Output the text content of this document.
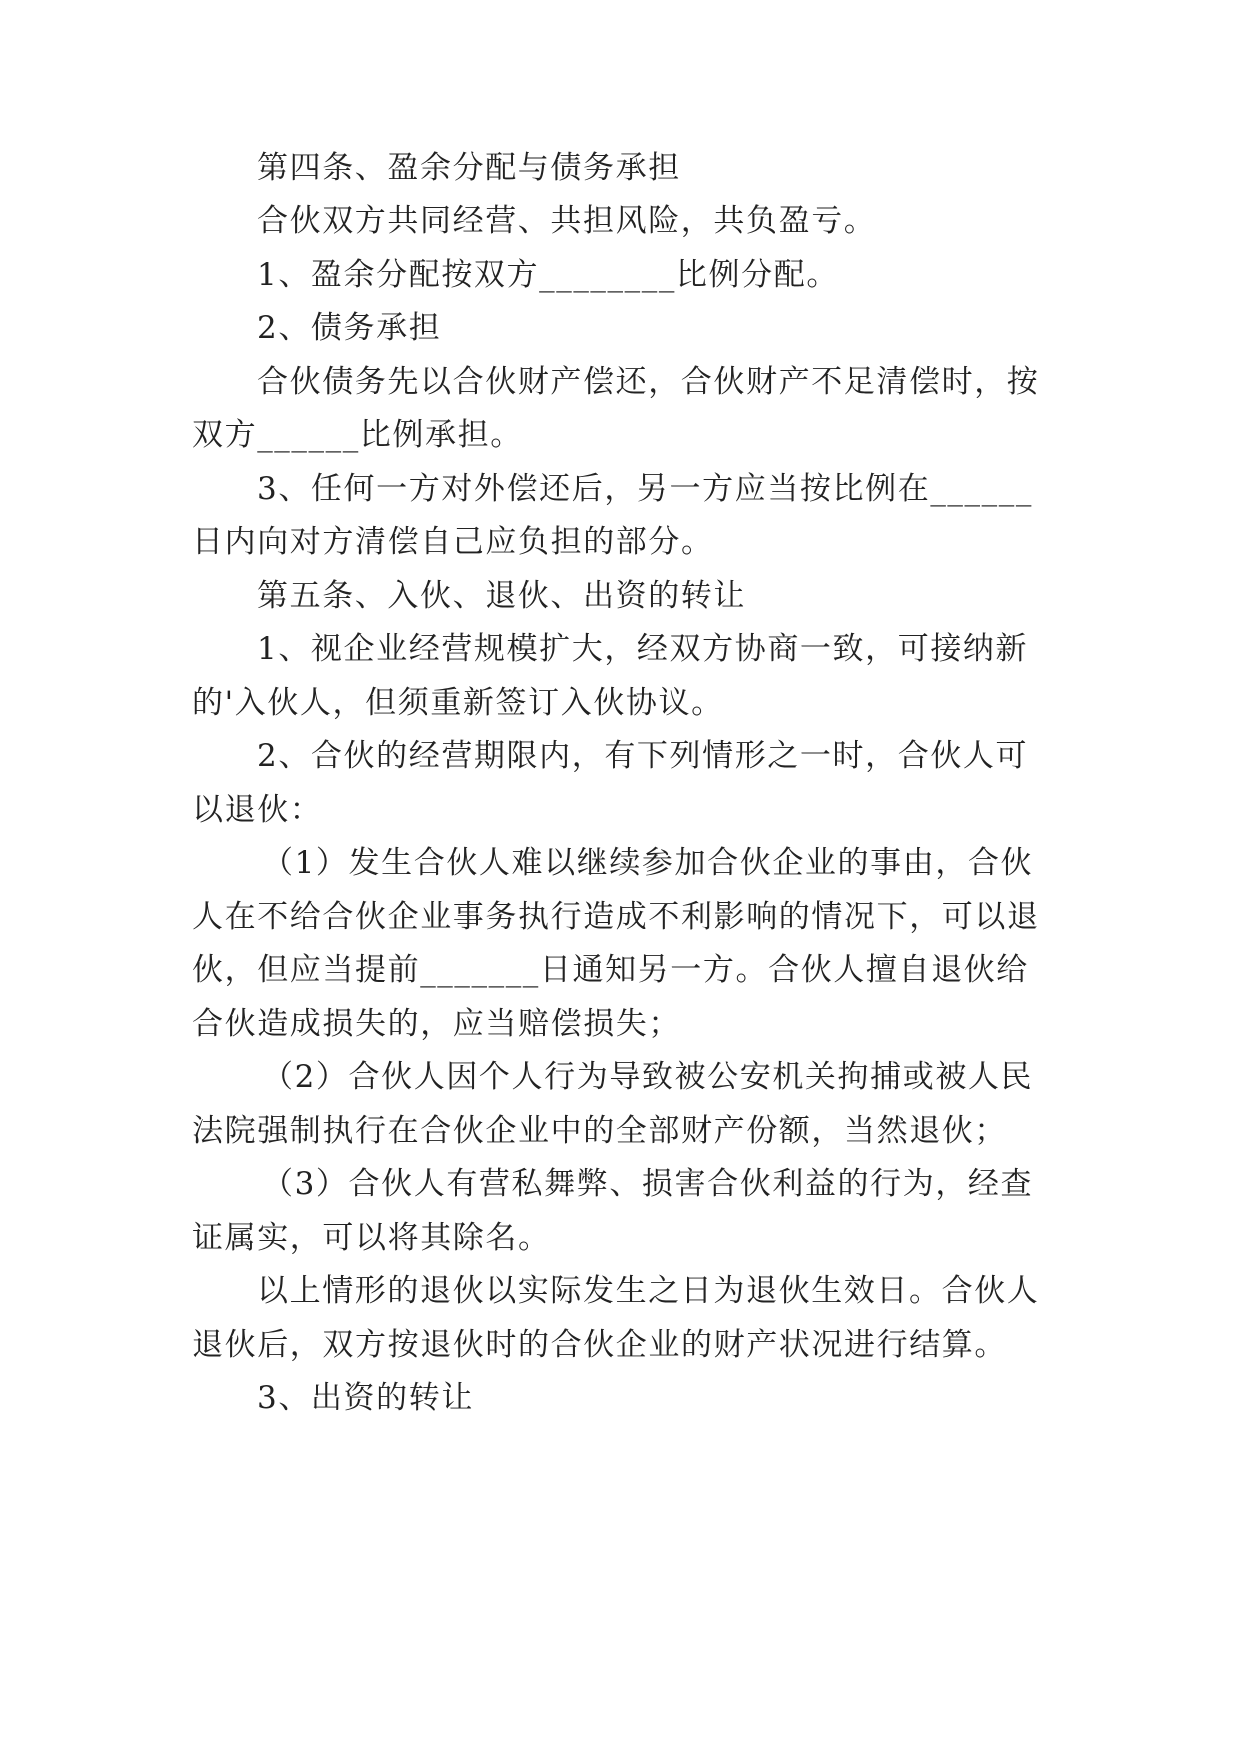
第四条、盈余分配与债务承担
合伙双方共同经营、共担风险，共负盈亏。
1、盈余分配按双方________比例分配。
2、债务承担
合伙债务先以合伙财产偿还，合伙财产不足清偿时，按
双方______比例承担。
3、任何一方对外偿还后，另一方应当按比例在______
日内向对方清偿自己应负担的部分。
第五条、入伙、退伙、出资的转让
1、视企业经营规模扩大，经双方协商一致，可接纳新
的'入伙人，但须重新签订入伙协议。
2、合伙的经营期限内，有下列情形之一时，合伙人可
以退伙：
（1）发生合伙人难以继续参加合伙企业的事由，合伙
人在不给合伙企业事务执行造成不利影响的情况下，可以退
伙，但应当提前_______日通知另一方。合伙人擅自退伙给
合伙造成损失的，应当赔偿损失；
（2）合伙人因个人行为导致被公安机关拘捕或被人民
法院强制执行在合伙企业中的全部财产份额，当然退伙；
（3）合伙人有营私舞弊、损害合伙利益的行为，经查
证属实，可以将其除名。
以上情形的退伙以实际发生之日为退伙生效日。合伙人
退伙后，双方按退伙时的合伙企业的财产状况进行结算。
3、出资的转让
